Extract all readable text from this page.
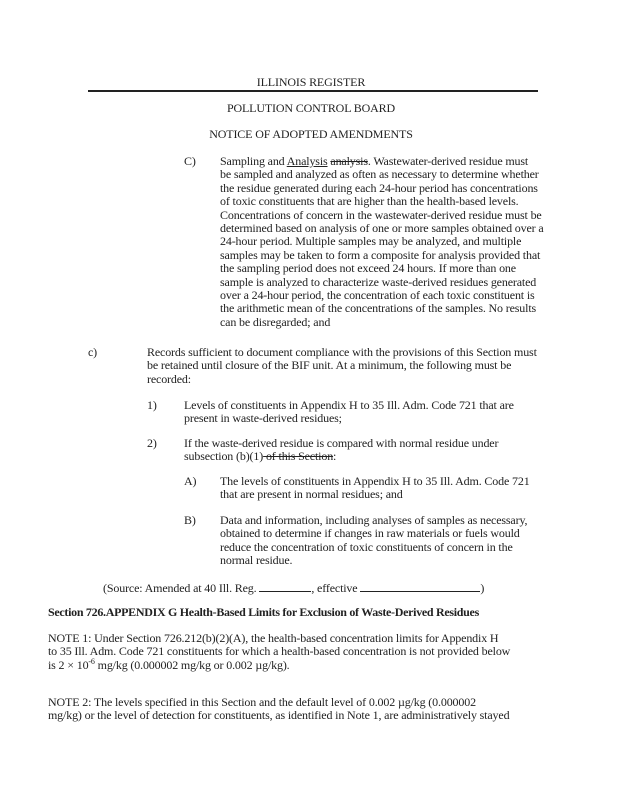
ILLINOIS REGISTER
POLLUTION CONTROL BOARD
NOTICE OF ADOPTED AMENDMENTS
C) Sampling and Analysis analysis. Wastewater-derived residue must
be sampled and analyzed as often as necessary to determine whether
the residue generated during each 24-hour period has concentrations
of toxic constituents that are higher than the health-based levels.
Concentrations of concern in the wastewater-derived residue must be
determined based on analysis of one or more samples obtained over a
24-hour period. Multiple samples may be analyzed, and multiple
samples may be taken to form a composite for analysis provided that
the sampling period does not exceed 24 hours. If more than one
sample is analyzed to characterize waste-derived residues generated
over a 24-hour period, the concentration of each toxic constituent is
the arithmetic mean of the concentrations of the samples. No results
can be disregarded; and
c)	Records sufficient to document compliance with the provisions of this Section must
be retained until closure of the BIF unit. At a minimum, the following must be
recorded:
1) Levels of constituents in Appendix H to 35 Ill. Adm. Code 721 that are
present in waste-derived residues;
2) If the waste-derived residue is compared with normal residue under
subsection (b)(1) of this Section:
A) The levels of constituents in Appendix H to 35 Ill. Adm. Code 721
that are present in normal residues; and
B) Data and information, including analyses of samples as necessary,
obtained to determine if changes in raw materials or fuels would
reduce the concentration of toxic constituents of concern in the
normal residue.
(Source: Amended at 40 Ill. Reg.	, effective	)
Section 726.APPENDIX G Health-Based Limits for Exclusion of Waste-Derived Residues
NOTE 1: Under Section 726.212(b)(2)(A), the health-based concentration limits for Appendix H
to 35 Ill. Adm. Code 721 constituents for which a health-based concentration is not provided below
is $2 \times 10^{-6}$ mg/kg (0.000002 mg/kg or 0.002 µg/kg).
NOTE 2: The levels specified in this Section and the default level of 0.002 µg/kg (0.000002
mg/kg) or the level of detection for constituents, as identified in Note 1, are administratively stayed
